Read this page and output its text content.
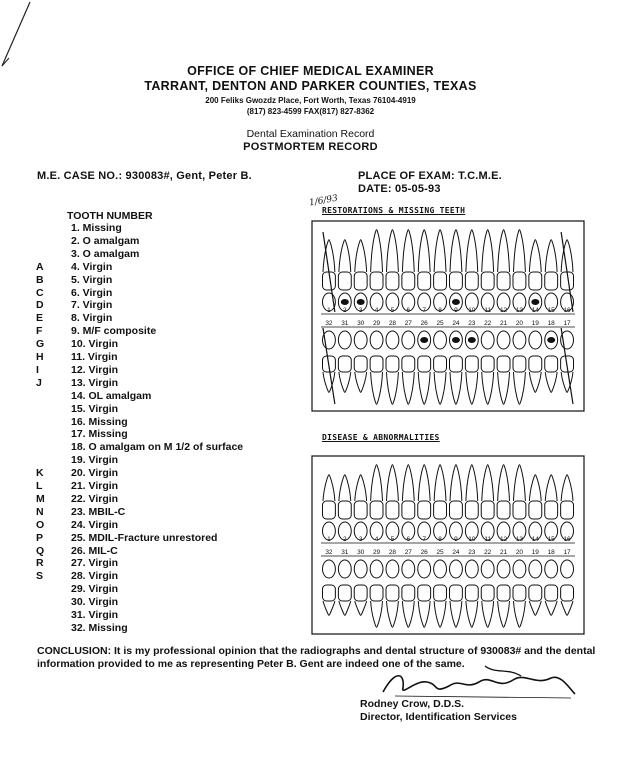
OFFICE OF CHIEF MEDICAL EXAMINER
TARRANT, DENTON AND PARKER COUNTIES, TEXAS
200 Feliks Gwozdz Place, Fort Worth, Texas 76104-4919
(817) 823-4599 FAX(817) 827-8362
Dental Examination Record
POSTMORTEM RECORD
M.E. CASE NO.: 930083#, Gent, Peter B.	PLACE OF EXAM: T.C.M.E.
DATE: 05-05-93
1/6/93
TOOTH NUMBER
1. Missing
2. O amalgam
3. O amalgam
A	4. Virgin
B	5. Virgin
C	6. Virgin
D	7. Virgin
E	8. Virgin
F	9. M/F composite
G	10. Virgin
H	11. Virgin
I	12. Virgin
J	13. Virgin
14. OL amalgam
15. Virgin
16. Missing
17. Missing
18. O amalgam on M 1/2 of surface
19. Virgin
K	20. Virgin
L	21. Virgin
M	22. Virgin
N	23. MBIL-C
O	24. Virgin
P	25. MDIL-Fracture unrestored
Q	26. MIL-C
R	27. Virgin
S	28. Virgin
29. Virgin
30. Virgin
31. Virgin
32. Missing
RESTORATIONS & MISSING TEETH
1
32
2
31
3
30
4
29
5
28
6
27
7
26
8
25
9
24
10
23
11
22
12
21
13
20
14
19
15
18
16
17
DISEASE & ABNORMALITIES
1
32
2
31
3
30
4
29
5
28
6
27
7
26
8
25
9
24
10
23
11
22
12
21
13
20
14
19
15
18
16
17
CONCLUSION: It is my professional opinion that the radiographs and dental structure of 930083# and the dental information provided to me as representing Peter B. Gent are indeed one of the same.
Rodney Crow, D.D.S.
Director, Identification Services
